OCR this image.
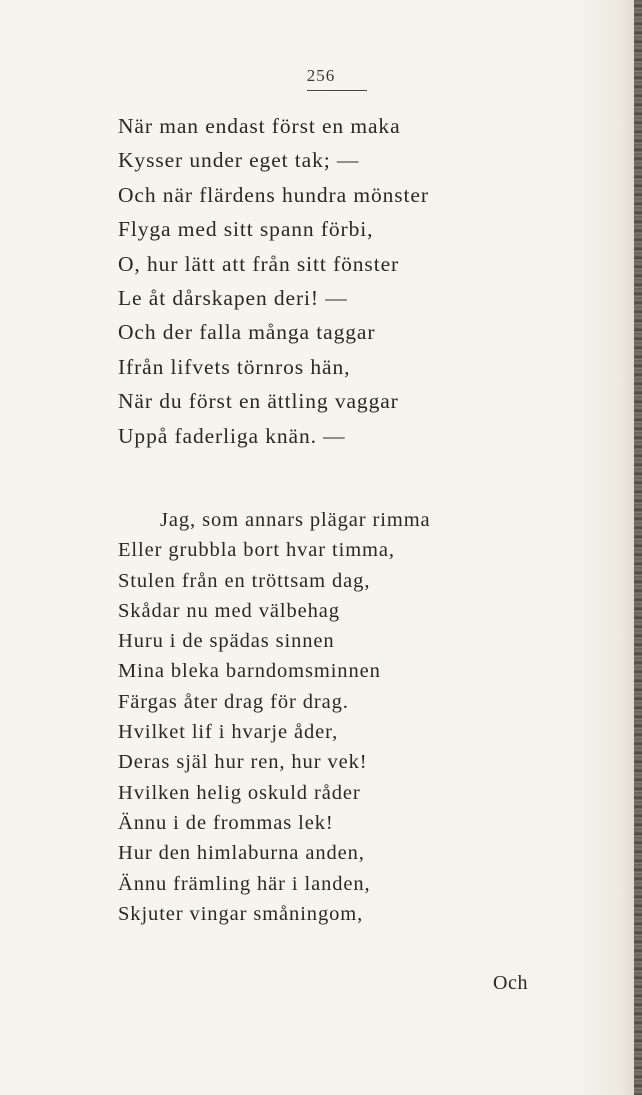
256
När man endast först en maka
Kysser under eget tak; —
Och när flärdens hundra mönster
Flyga med sitt spann förbi,
O, hur lätt att från sitt fönster
Le åt dårskapen deri! —
Och der falla många taggar
Ifrån lifvets törnros hän,
När du först en ättling vaggar
Uppå faderliga knän. —
Jag, som annars plägar rimma
Eller grubbla bort hvar timma,
Stulen från en tröttsam dag,
Skådar nu med välbehag
Huru i de spädas sinnen
Mina bleka barndomsminnen
Färgas åter drag för drag.
Hvilket lif i hvarje åder,
Deras själ hur ren, hur vek!
Hvilken helig oskuld råder
Ännu i de frommas lek!
Hur den himlaburna anden,
Ännu främling här i landen,
Skjuter vingar småningom,
Och
